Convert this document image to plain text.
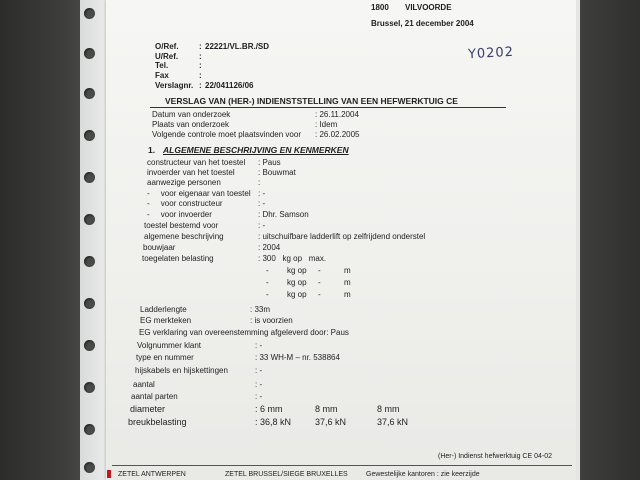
1800 VILVOORDE
Brussel, 21 december 2004
O/Ref.	: 22221/VL.BR./SD
U/Ref.	:
Tel.	:
Fax	:
Verslagnr. : 22/041126/06
Y0202
VERSLAG VAN (HER-) INDIENSTSTELLING VAN EEN HEFWERKTUIG CE
Datum van onderzoek	: 26.11.2004
Plaats van onderzoek	: Idem
Volgende controle moet plaatsvinden voor : 26.02.2005
1. ALGEMENE BESCHRIJVING EN KENMERKEN
constructeur van het toestel : Paus
invoerder van het toestel	: Bouwmat
aanwezige personen	:
-     voor eigenaar van toestel : -
-     voor constructeur	: -
-     voor invoerder	: Dhr. Samson
toestel bestemd voor	: -
algemene beschrijving	: uitschuifbare ladderlift op zelfrijdend onderstel
bouwjaar	: 2004
toegelaten belasting	: 300   kg op   max.
- kg op -	m
- kg op -	m
- kg op -	m
Ladderlengte	: 33m
EG merkteken	: is voorzien
EG verklaring van overeenstemming afgeleverd door: Paus
Volgnummer klant	: -
type en nummer	: 33 WH-M – nr. 538864
hijskabels en hijskettingen	: -
aantal	: -
aantal parten	: -
diameter	: 6 mm	8 mm	8 mm
breukbelasting	: 36,8 kN	37,6 kN	37,6 kN
(Her-) Indienst hefwerktuig CE 04-02
ZETEL ANTWERPEN	ZETEL BRUSSEL/SIEGE BRUXELLES	Gewestelijke kantoren : zie keerzijde
